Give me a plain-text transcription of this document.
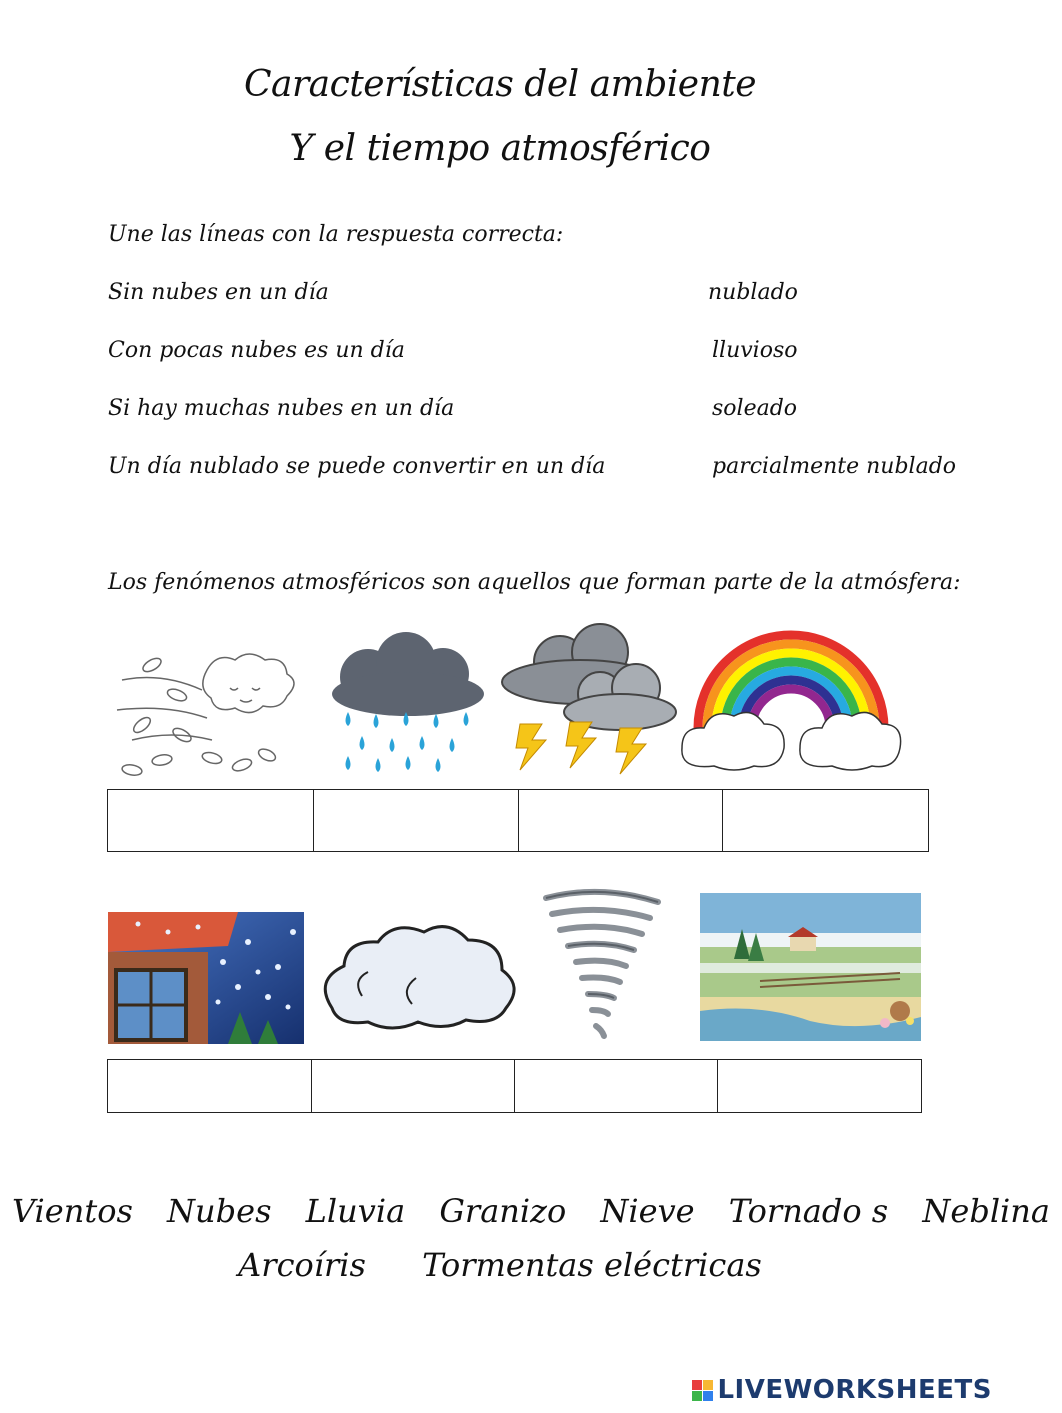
Características del ambiente
Y el tiempo atmosférico
Une las líneas con la respuesta correcta:
Sin nubes en un día
Con pocas nubes es un día
Si hay muchas nubes en un día
Un día nublado se puede convertir en un día
nublado
lluvioso
soleado
parcialmente nublado
Los fenómenos atmosféricos son aquellos que forman parte de la atmósfera:
Vientos Nubes Lluvia Granizo Nieve Tornado s Neblina
Arcoíris Tormentas eléctricas
LIVEWORKSHEETS
